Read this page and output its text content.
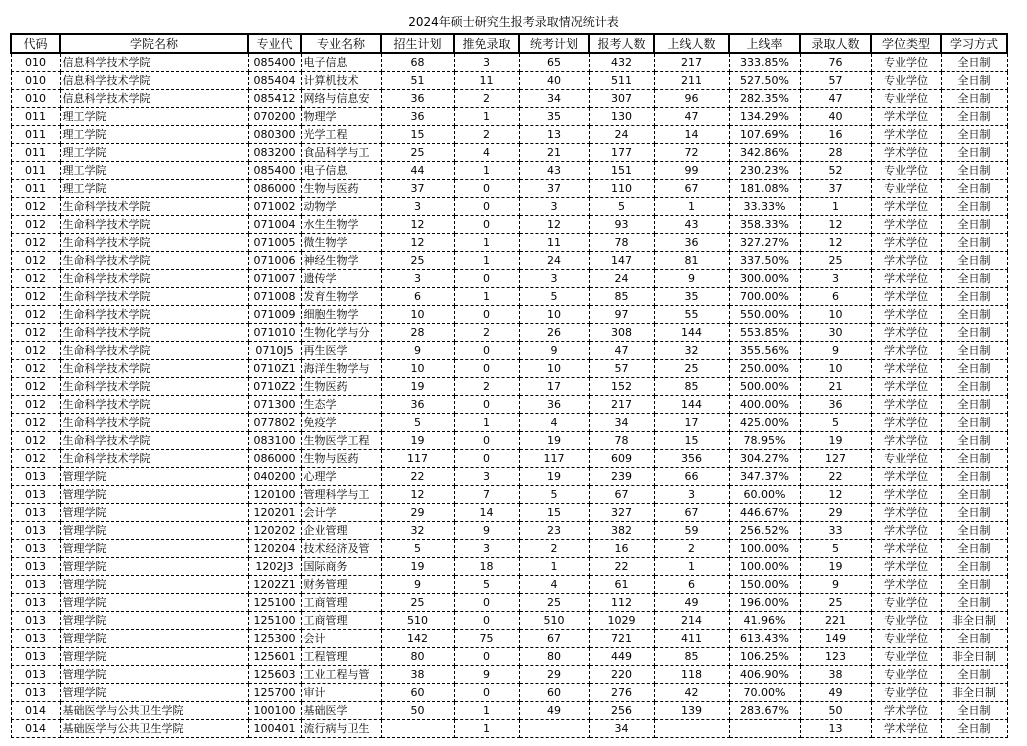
2024年硕士研究生报考录取情况统计表
代码	学院名称	专业代	专业名称	招生计划	推免录取	统考计划	报考人数	上线人数	上线率	录取人数	学位类型	学习方式
010	信息科学技术学院	085400	电子信息	68	3	65	432	217	333.85%	76	专业学位	全日制
010	信息科学技术学院	085404	计算机技术	51	11	40	511	211	527.50%	57	专业学位	全日制
010	信息科学技术学院	085412	网络与信息安	36	2	34	307	96	282.35%	47	专业学位	全日制
011	理工学院	070200	物理学	36	1	35	130	47	134.29%	40	学术学位	全日制
011	理工学院	080300	光学工程	15	2	13	24	14	107.69%	16	学术学位	全日制
011	理工学院	083200	食品科学与工	25	4	21	177	72	342.86%	28	学术学位	全日制
011	理工学院	085400	电子信息	44	1	43	151	99	230.23%	52	专业学位	全日制
011	理工学院	086000	生物与医药	37	0	37	110	67	181.08%	37	专业学位	全日制
012	生命科学技术学院	071002	动物学	3	0	3	5	1	33.33%	1	学术学位	全日制
012	生命科学技术学院	071004	水生生物学	12	0	12	93	43	358.33%	12	学术学位	全日制
012	生命科学技术学院	071005	微生物学	12	1	11	78	36	327.27%	12	学术学位	全日制
012	生命科学技术学院	071006	神经生物学	25	1	24	147	81	337.50%	25	学术学位	全日制
012	生命科学技术学院	071007	遗传学	3	0	3	24	9	300.00%	3	学术学位	全日制
012	生命科学技术学院	071008	发育生物学	6	1	5	85	35	700.00%	6	学术学位	全日制
012	生命科学技术学院	071009	细胞生物学	10	0	10	97	55	550.00%	10	学术学位	全日制
012	生命科学技术学院	071010	生物化学与分	28	2	26	308	144	553.85%	30	学术学位	全日制
012	生命科学技术学院	0710J5	再生医学	9	0	9	47	32	355.56%	9	学术学位	全日制
012	生命科学技术学院	0710Z1	海洋生物学与	10	0	10	57	25	250.00%	10	学术学位	全日制
012	生命科学技术学院	0710Z2	生物医药	19	2	17	152	85	500.00%	21	学术学位	全日制
012	生命科学技术学院	071300	生态学	36	0	36	217	144	400.00%	36	学术学位	全日制
012	生命科学技术学院	077802	免疫学	5	1	4	34	17	425.00%	5	学术学位	全日制
012	生命科学技术学院	083100	生物医学工程	19	0	19	78	15	78.95%	19	学术学位	全日制
012	生命科学技术学院	086000	生物与医药	117	0	117	609	356	304.27%	127	专业学位	全日制
013	管理学院	040200	心理学	22	3	19	239	66	347.37%	22	学术学位	全日制
013	管理学院	120100	管理科学与工	12	7	5	67	3	60.00%	12	学术学位	全日制
013	管理学院	120201	会计学	29	14	15	327	67	446.67%	29	学术学位	全日制
013	管理学院	120202	企业管理	32	9	23	382	59	256.52%	33	学术学位	全日制
013	管理学院	120204	技术经济及管	5	3	2	16	2	100.00%	5	学术学位	全日制
013	管理学院	1202J3	国际商务	19	18	1	22	1	100.00%	19	学术学位	全日制
013	管理学院	1202Z1	财务管理	9	5	4	61	6	150.00%	9	学术学位	全日制
013	管理学院	125100	工商管理	25	0	25	112	49	196.00%	25	专业学位	全日制
013	管理学院	125100	工商管理	510	0	510	1029	214	41.96%	221	专业学位	非全日制
013	管理学院	125300	会计	142	75	67	721	411	613.43%	149	专业学位	全日制
013	管理学院	125601	工程管理	80	0	80	449	85	106.25%	123	专业学位	非全日制
013	管理学院	125603	工业工程与管	38	9	29	220	118	406.90%	38	专业学位	全日制
013	管理学院	125700	审计	60	0	60	276	42	70.00%	49	专业学位	非全日制
014	基础医学与公共卫生学院	100100	基础医学	50	1	49	256	139	283.67%	50	学术学位	全日制
014	基础医学与公共卫生学院	100401	流行病与卫生		1		34			13	学术学位	全日制
